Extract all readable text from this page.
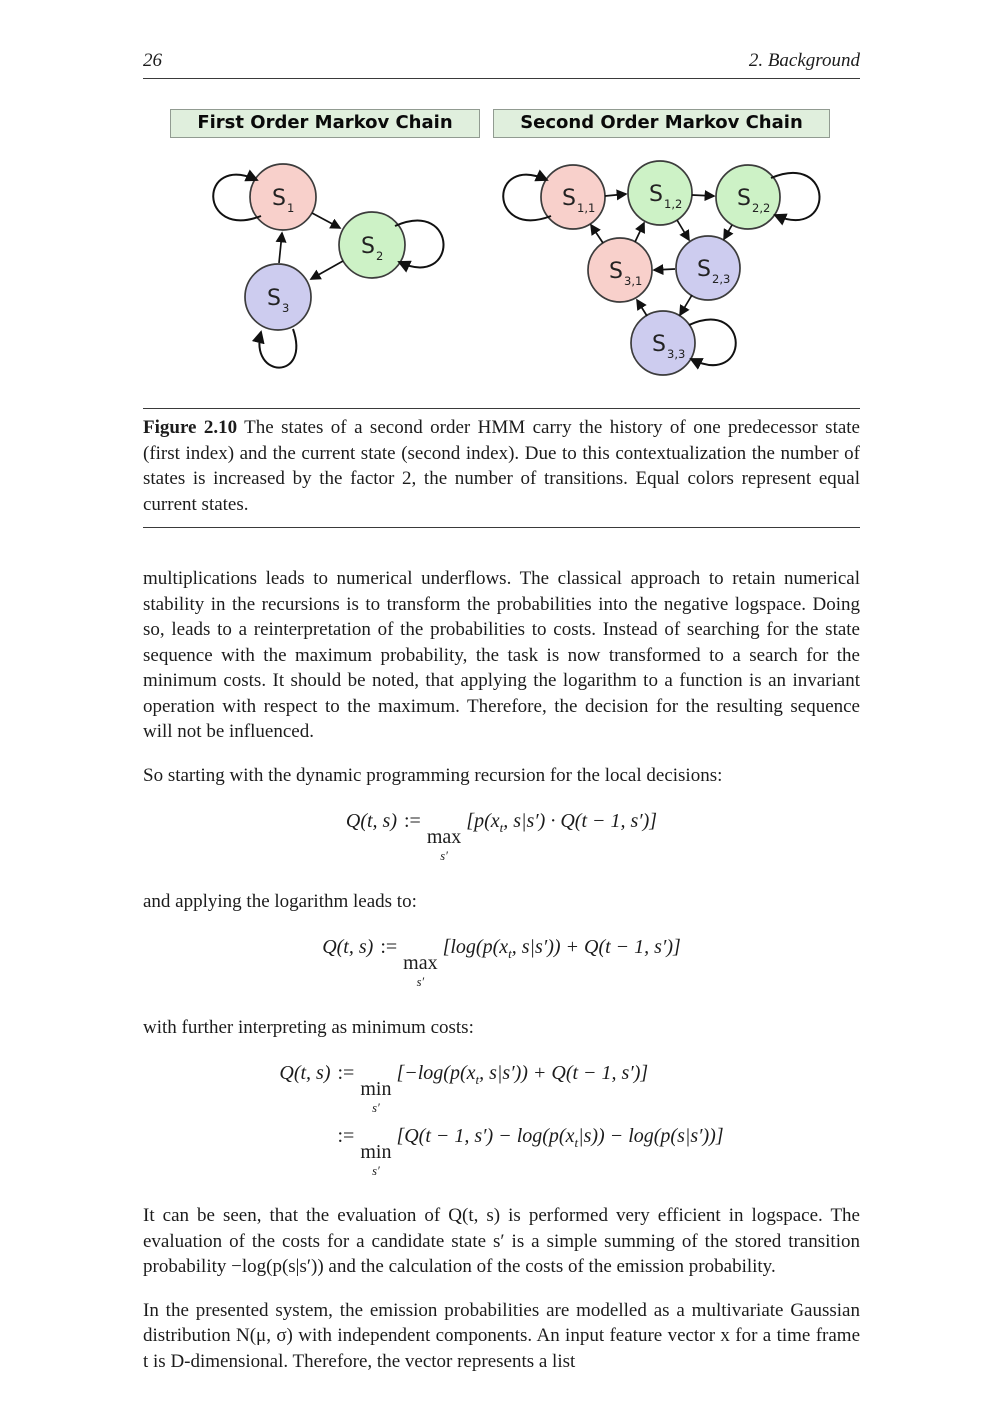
26	2. Background
First Order Markov Chain	Second Order Markov Chain
S 1
S 2
S 3
S 1,1
S 1,2 S 2,2
S 3,1 S 2,3
S 3,3
Figure 2.10 The states of a second order HMM carry the history of one predecessor state (first index) and the current state (second index). Due to this contextualization the number of states is increased by the factor 2, the number of transitions. Equal colors represent equal current states.

multiplications leads to numerical underflows. The classical approach to retain numerical stability in the recursions is to transform the probabilities into the negative logspace. Doing so, leads to a reinterpretation of the probabilities to costs. Instead of searching for the state sequence with the maximum probability, the task is now transformed to a search for the minimum costs. It should be noted, that applying the logarithm to a function is an invariant operation with respect to the maximum. Therefore, the decision for the resulting sequence will not be influenced.

So starting with the dynamic programming recursion for the local decisions:

Q(t, s) :=
max
s′
[$p(x_t$, s|s′) · Q(t − 1, s′)]

and applying the logarithm leads to:

Q(t, s) :=
max
s′
[$\log(p(x_t$, s|s′)) + Q(t − 1, s′)]

with further interpreting as minimum costs:

Q(t, s) :=
min
s′
[$-\log(p(x_t$, s|s′)) + Q(t − 1, s′)]
:=
min
s′
[Q(t − 1, $s') - \log(p(x_t|s)) - \log(p(s|s'))$]

It can be seen, that the evaluation of Q(t, s) is performed very efficient in logspace. The evaluation of the costs for a candidate state s′ is a simple summing of the stored transition probability −log(p(s|s′)) and the calculation of the costs of the emission probability.

In the presented system, the emission probabilities are modelled as a multivariate Gaussian distribution N(μ, σ) with independent components. An input feature vector x for a time frame t is D-dimensional. Therefore, the vector represents a list
